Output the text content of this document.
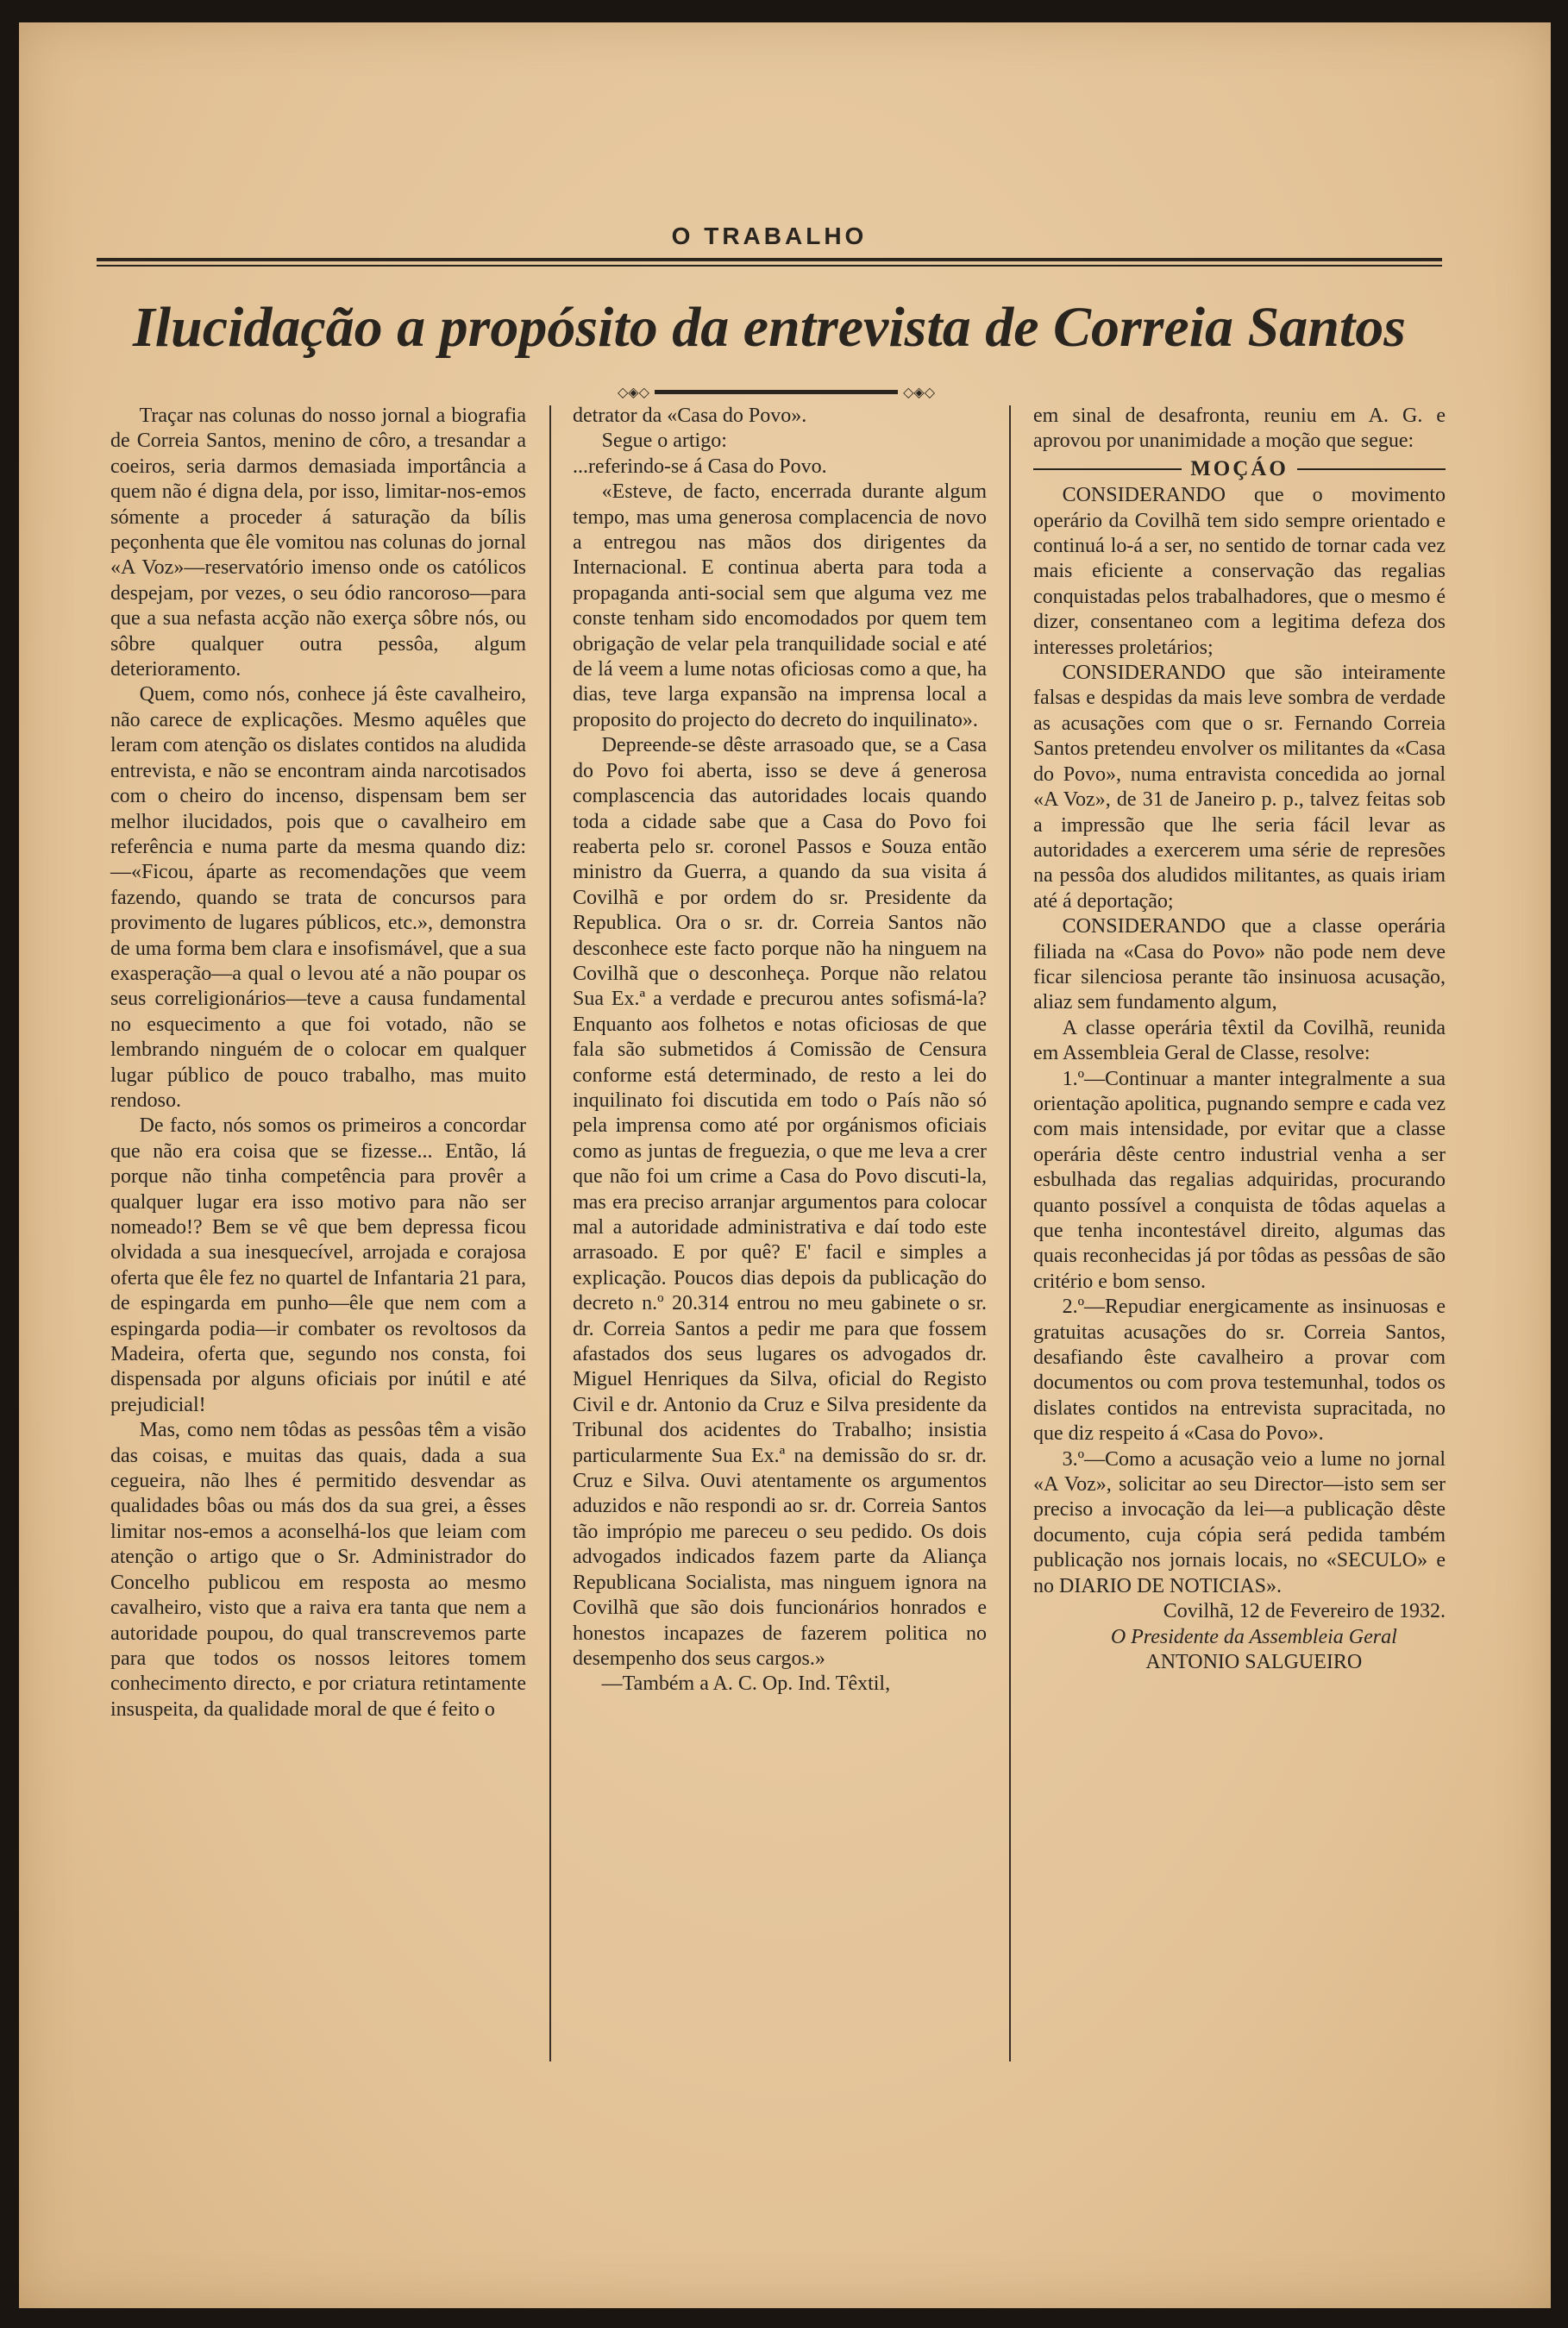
O TRABALHO
Ilucidação a propósito da entrevista de Correia Santos
◇◈◇	◇◈◇

Traçar nas colunas do nosso jornal a biografia de Correia Santos, menino de côro, a tresandar a coeiros, seria darmos demasiada importância a quem não é digna dela, por isso, limitar-nos-emos sómente a proceder á saturação da bílis peçonhenta que êle vomitou nas colunas do jornal «A Voz»—reservatório imenso onde os católicos despejam, por vezes, o seu ódio rancoroso—para que a sua nefasta acção não exerça sôbre nós, ou sôbre qualquer outra pessôa, algum deterioramento.

Quem, como nós, conhece já êste cavalheiro, não carece de explicações. Mesmo aquêles que leram com atenção os dislates contidos na aludida entrevista, e não se encontram ainda narcotisados com o cheiro do incenso, dispensam bem ser melhor ilucidados, pois que o cavalheiro em referência e numa parte da mesma quando diz:—«Ficou, áparte as recomendações que veem fazendo, quando se trata de concursos para provimento de lugares públicos, etc.», demonstra de uma forma bem clara e insofismável, que a sua exasperação—a qual o levou até a não poupar os seus correligionários—teve a causa fundamental no esquecimento a que foi votado, não se lembrando ninguém de o colocar em qualquer lugar público de pouco trabalho, mas muito rendoso.

De facto, nós somos os primeiros a concordar que não era coisa que se fizesse... Então, lá porque não tinha competência para provêr a qualquer lugar era isso motivo para não ser nomeado!? Bem se vê que bem depressa ficou olvidada a sua inesquecível, arrojada e corajosa oferta que êle fez no quartel de Infantaria 21 para, de espingarda em punho—êle que nem com a espingarda podia—ir combater os revoltosos da Madeira, oferta que, segundo nos consta, foi dispensada por alguns oficiais por inútil e até prejudicial!

Mas, como nem tôdas as pessôas têm a visão das coisas, e muitas das quais, dada a sua cegueira, não lhes é permitido desvendar as qualidades bôas ou más dos da sua grei, a êsses limitar nos-emos a aconselhá-los que leiam com atenção o artigo que o Sr. Administrador do Concelho publicou em resposta ao mesmo cavalheiro, visto que a raiva era tanta que nem a autoridade poupou, do qual transcrevemos parte para que todos os nossos leitores tomem conhecimento directo, e por criatura retintamente insuspeita, da qualidade moral de que é feito o

detrator da «Casa do Povo».

Segue o artigo:

...referindo-se á Casa do Povo.

«Esteve, de facto, encerrada durante algum tempo, mas uma generosa complacencia de novo a entregou nas mãos dos dirigentes da Internacional. E continua aberta para toda a propaganda anti-social sem que alguma vez me conste tenham sido encomodados por quem tem obrigação de velar pela tranquilidade social e até de lá veem a lume notas oficiosas como a que, ha dias, teve larga expansão na imprensa local a proposito do projecto do decreto do inquilinato».

Depreende-se dêste arrasoado que, se a Casa do Povo foi aberta, isso se deve á generosa complascencia das autoridades locais quando toda a cidade sabe que a Casa do Povo foi reaberta pelo sr. coronel Passos e Souza então ministro da Guerra, a quando da sua visita á Covilhã e por ordem do sr. Presidente da Republica. Ora o sr. dr. Correia Santos não desconhece este facto porque não ha ninguem na Covilhã que o desconheça. Porque não relatou Sua Ex.ª a verdade e precurou antes sofismá-la? Enquanto aos folhetos e notas oficiosas de que fala são submetidos á Comissão de Censura conforme está determinado, de resto a lei do inquilinato foi discutida em todo o País não só pela imprensa como até por orgánismos oficiais como as juntas de freguezia, o que me leva a crer que não foi um crime a Casa do Povo discuti-la, mas era preciso arranjar argumentos para colocar mal a autoridade administrativa e daí todo este arrasoado. E por quê? E' facil e simples a explicação. Poucos dias depois da publicação do decreto n.º 20.314 entrou no meu gabinete o sr. dr. Correia Santos a pedir me para que fossem afastados dos seus lugares os advogados dr. Miguel Henriques da Silva, oficial do Registo Civil e dr. Antonio da Cruz e Silva presidente da Tribunal dos acidentes do Trabalho; insistia particularmente Sua Ex.ª na demissão do sr. dr. Cruz e Silva. Ouvi atentamente os argumentos aduzidos e não respondi ao sr. dr. Correia Santos tão imprópio me pareceu o seu pedido. Os dois advogados indicados fazem parte da Aliança Republicana Socialista, mas ninguem ignora na Covilhã que são dois funcionários honrados e honestos incapazes de fazerem politica no desempenho dos seus cargos.»

—Também a A. C. Op. Ind. Têxtil,

em sinal de desafronta, reuniu em A. G. e aprovou por unanimidade a moção que segue:

MOÇÁO

CONSIDERANDO que o movimento operário da Covilhã tem sido sempre orientado e continuá lo-á a ser, no sentido de tornar cada vez mais eficiente a conservação das regalias conquistadas pelos trabalhadores, que o mesmo é dizer, consentaneo com a legitima defeza dos interesses proletários;

CONSIDERANDO que são inteiramente falsas e despidas da mais leve sombra de verdade as acusações com que o sr. Fernando Correia Santos pretendeu envolver os militantes da «Casa do Povo», numa entravista concedida ao jornal «A Voz», de 31 de Janeiro p. p., talvez feitas sob a impressão que lhe seria fácil levar as autoridades a exercerem uma série de represões na pessôa dos aludidos militantes, as quais iriam até á deportação;

CONSIDERANDO que a classe operária filiada na «Casa do Povo» não pode nem deve ficar silenciosa perante tão insinuosa acusação, aliaz sem fundamento algum,

A classe operária têxtil da Covilhã, reunida em Assembleia Geral de Classe, resolve:

1.º—Continuar a manter integralmente a sua orientação apolitica, pugnando sempre e cada vez com mais intensidade, por evitar que a classe operária dêste centro industrial venha a ser esbulhada das regalias adquiridas, procurando quanto possível a conquista de tôdas aquelas a que tenha incontestável direito, algumas das quais reconhecidas já por tôdas as pessôas de são critério e bom senso.

2.º—Repudiar energicamente as insinuosas e gratuitas acusações do sr. Correia Santos, desafiando êste cavalheiro a provar com documentos ou com prova testemunhal, todos os dislates contidos na entrevista supracitada, no que diz respeito á «Casa do Povo».

3.º—Como a acusação veio a lume no jornal «A Voz», solicitar ao seu Director—isto sem ser preciso a invocação da lei—a publicação dêste documento, cuja cópia será pedida também publicação nos jornais locais, no «SECULO» e no DIARIO DE NOTICIAS».

Covilhã, 12 de Fevereiro de 1932.

O Presidente da Assembleia Geral

ANTONIO SALGUEIRO
